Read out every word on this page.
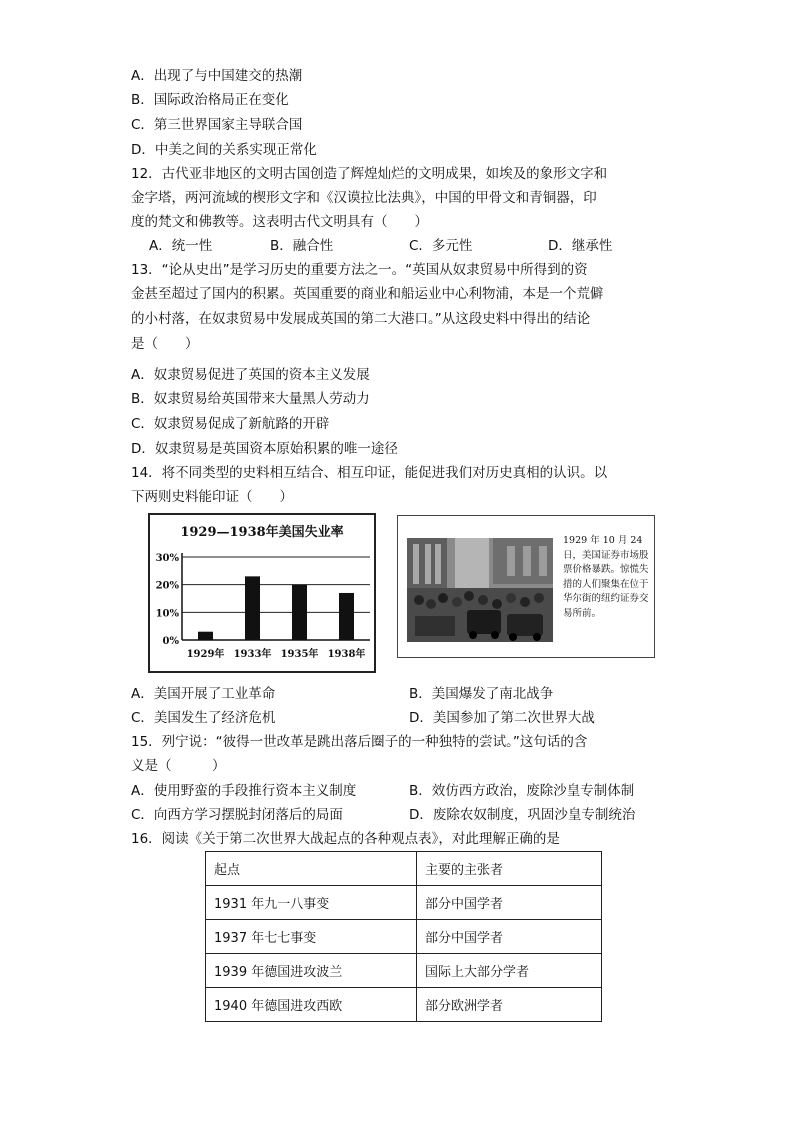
A．出现了与中国建交的热潮
B．国际政治格局正在变化
C．第三世界国家主导联合国
D．中美之间的关系实现正常化
12．古代亚非地区的文明古国创造了辉煌灿烂的文明成果，如埃及的象形文字和
金字塔，两河流域的楔形文字和《汉谟拉比法典》，中国的甲骨文和青铜器，印
度的梵文和佛教等。这表明古代文明具有（　　）
A．统一性	B．融合性	C．多元性	D．继承性
13．“论从史出”是学习历史的重要方法之一。“英国从奴隶贸易中所得到的资
金甚至超过了国内的积累。英国重要的商业和船运业中心利物浦，本是一个荒僻
的小村落，在奴隶贸易中发展成英国的第二大港口。”从这段史料中得出的结论
是（　　）
A．奴隶贸易促进了英国的资本主义发展
B．奴隶贸易给英国带来大量黑人劳动力
C．奴隶贸易促成了新航路的开辟
D．奴隶贸易是英国资本原始积累的唯一途径
14．将不同类型的史料相互结合、相互印证，能促进我们对历史真相的认识。以
下两则史料能印证（　　）
1929—1938年美国失业率
0%
10%
20%
30%
1929年 1933年 1935年 1938年
1929 年 10 月 24 日，美国证券市场股票价格暴跌。惊慌失措的人们聚集在位于华尔街的纽约证券交易所前。
A．美国开展了工业革命	B．美国爆发了南北战争
C．美国发生了经济危机	D．美国参加了第二次世界大战
15．列宁说：“彼得一世改革是跳出落后圈子的一种独特的尝试。”这句话的含
义是（　　　）
A．使用野蛮的手段推行资本主义制度	B．效仿西方政治，废除沙皇专制体制
C．向西方学习摆脱封闭落后的局面	D．废除农奴制度，巩固沙皇专制统治
16．阅读《关于第二次世界大战起点的各种观点表》，对此理解正确的是
起点	主要的主张者
1931 年九一八事变	部分中国学者
1937 年七七事变	部分中国学者
1939 年德国进攻波兰	国际上大部分学者
1940 年德国进攻西欧	部分欧洲学者
